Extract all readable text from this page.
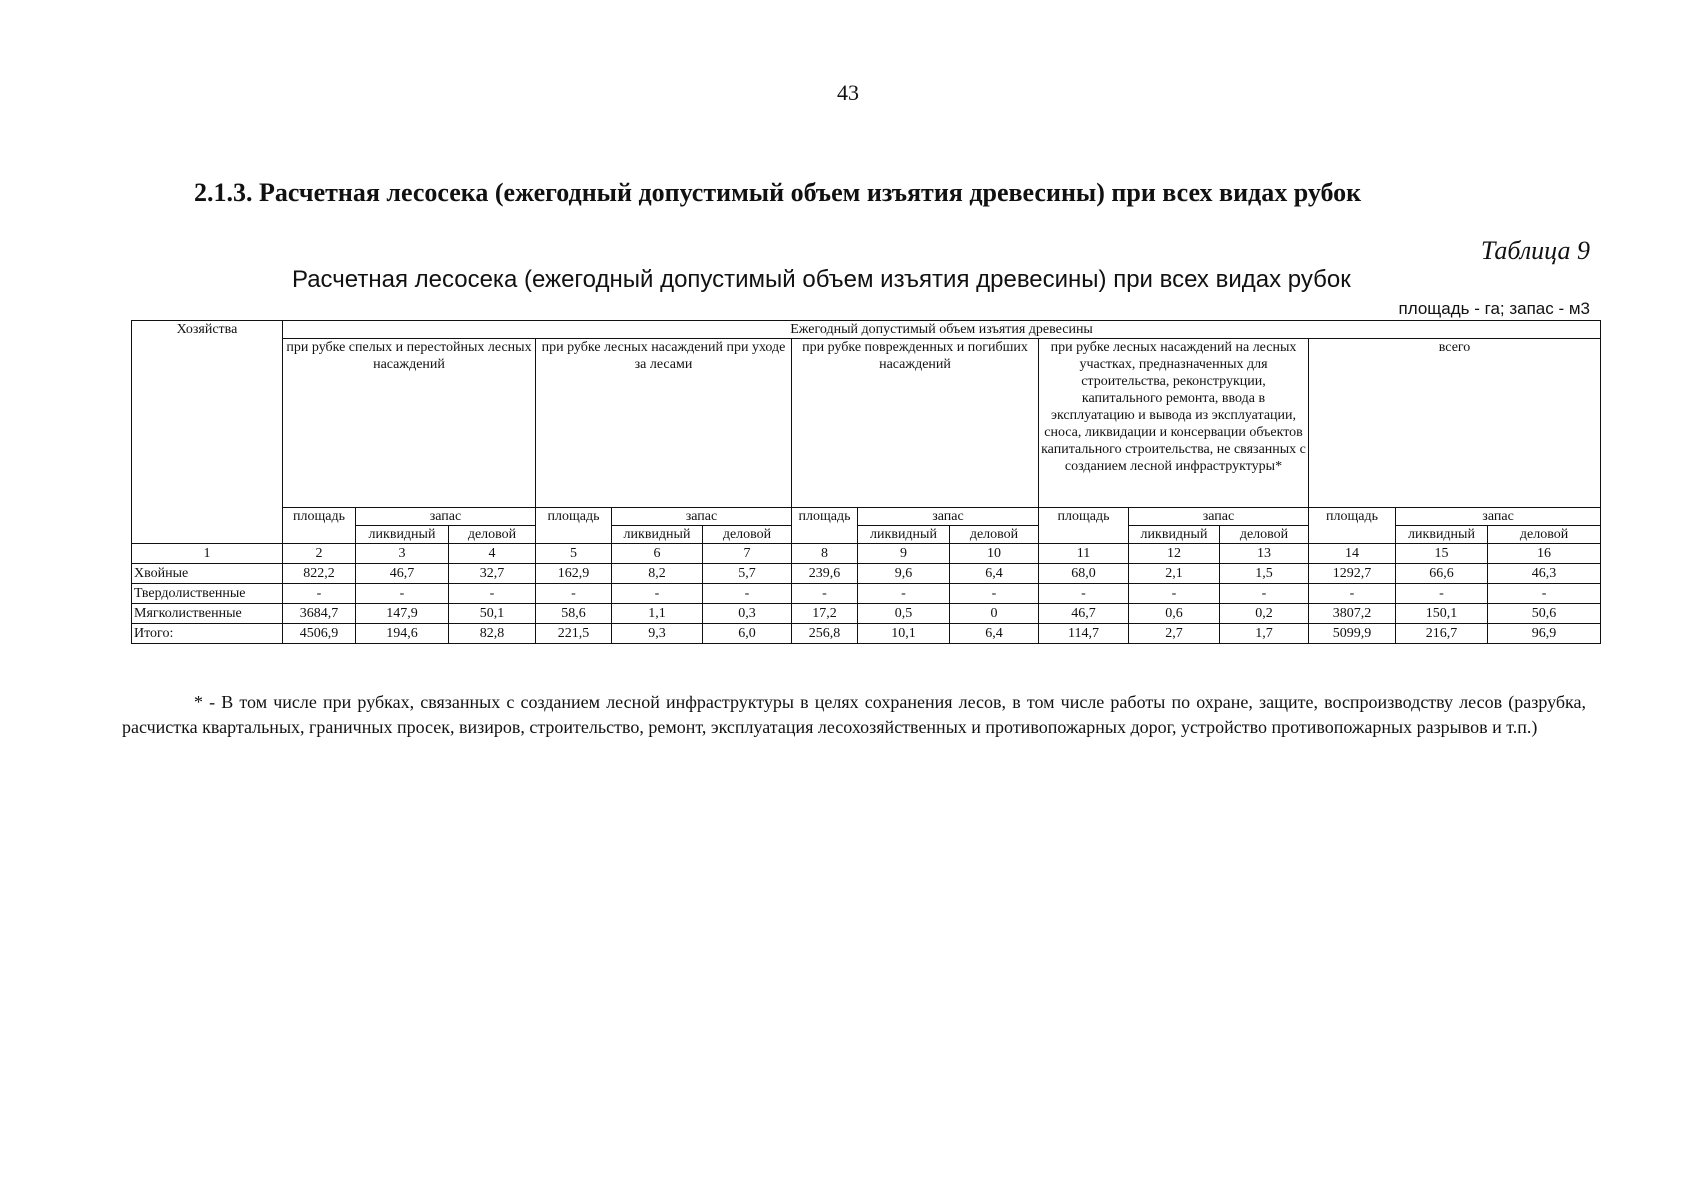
43
2.1.3. Расчетная лесосека (ежегодный допустимый объем изъятия древесины) при всех видах рубок
Таблица 9
Расчетная лесосека (ежегодный допустимый объем изъятия древесины) при всех видах рубок
площадь - га; запас - м3
Хозяйства	Ежегодный допустимый объем изъятия древесины														
	при рубке спелых и перестойных лесных насаждений			при рубке лесных насаждений при уходе за лесами			при рубке поврежденных и погибших насаждений			при рубке лесных насаждений на лесных участках, предназначенных для строительства, реконструкции, капитального ремонта, ввода в эксплуатацию и вывода из эксплуатации, сноса, ликвидации и консервации объектов капитального строительства, не связанных с созданием лесной инфраструктуры*			всего		
	площадь	запас		площадь	запас		площадь	запас		площадь	запас		площадь	запас	
		ликвидный	деловой		ликвидный	деловой		ликвидный	деловой		ликвидный	деловой		ликвидный	деловой
1	2	3	4	5	6	7	8	9	10	11	12	13	14	15	16
Хвойные	822,2	46,7	32,7	162,9	8,2	5,7	239,6	9,6	6,4	68,0	2,1	1,5	1292,7	66,6	46,3
Твердолиственные	-	-	-	-	-	-	-	-	-	-	-	-	-	-	-
Мягколиственные	3684,7	147,9	50,1	58,6	1,1	0,3	17,2	0,5	0	46,7	0,6	0,2	3807,2	150,1	50,6
Итого:	4506,9	194,6	82,8	221,5	9,3	6,0	256,8	10,1	6,4	114,7	2,7	1,7	5099,9	216,7	96,9
* - В том числе при рубках, связанных с созданием лесной инфраструктуры в целях сохранения лесов, в том числе работы по охране, защите, воспроизводству лесов (разрубка, расчистка квартальных, граничных просек, визиров, строительство, ремонт, эксплуатация лесохозяйственных и противопожарных дорог, устройство противопожарных разрывов и т.п.)
